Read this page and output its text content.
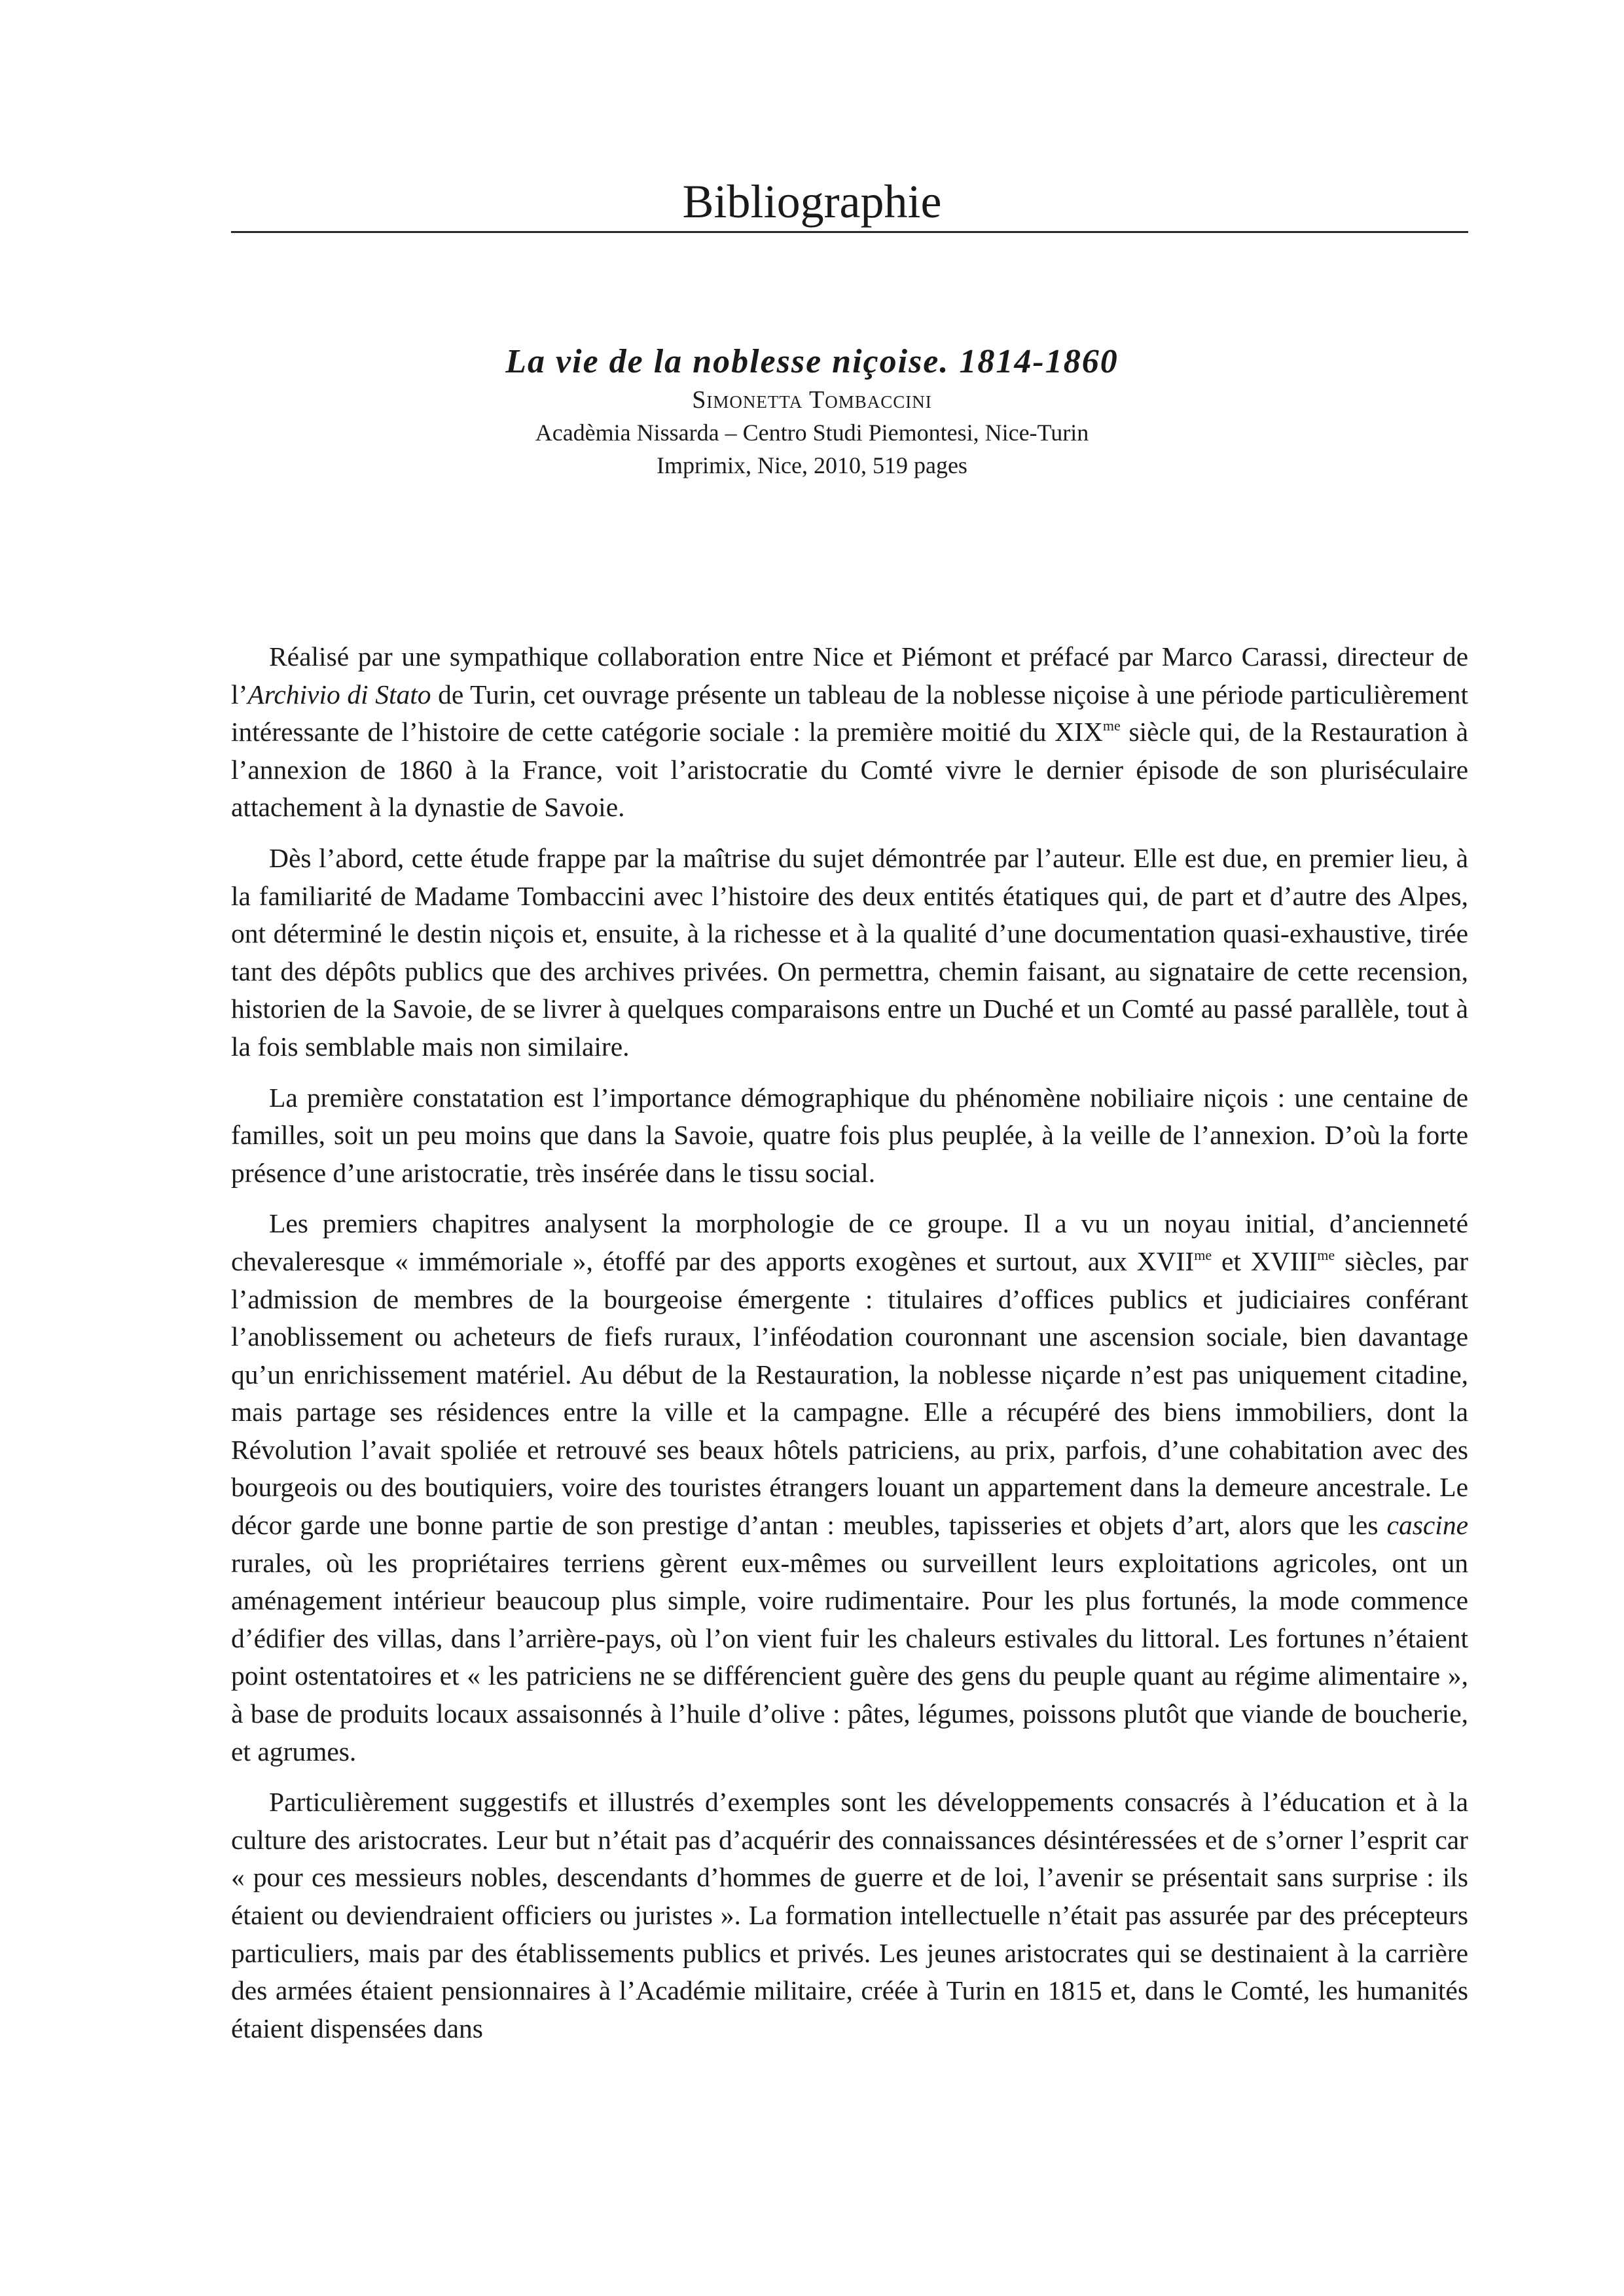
Bibliographie
La vie de la noblesse niçoise. 1814-1860
Simonetta Tombaccini
Acadèmia Nissarda – Centro Studi Piemontesi, Nice-Turin
Imprimix, Nice, 2010, 519 pages

Réalisé par une sympathique collaboration entre Nice et Piémont et préfacé par Marco Carassi, directeur de l’Archivio di Stato de Turin, cet ouvrage présente un tableau de la noblesse niçoise à une période particulièrement intéressante de l’histoire de cette catégorie sociale : la première moitié du $XIX^{me}$ siècle qui, de la Restauration à l’annexion de 1860 à la France, voit l’aristocratie du Comté vivre le dernier épisode de son pluriséculaire attachement à la dynastie de Savoie.

Dès l’abord, cette étude frappe par la maîtrise du sujet démontrée par l’auteur. Elle est due, en premier lieu, à la familiarité de Madame Tombaccini avec l’histoire des deux entités étatiques qui, de part et d’autre des Alpes, ont déterminé le destin niçois et, ensuite, à la richesse et à la qualité d’une documentation quasi-exhaustive, tirée tant des dépôts publics que des archives privées. On permettra, chemin faisant, au signataire de cette recension, historien de la Savoie, de se livrer à quelques comparaisons entre un Duché et un Comté au passé parallèle, tout à la fois semblable mais non similaire.

La première constatation est l’importance démographique du phénomène nobiliaire niçois : une centaine de familles, soit un peu moins que dans la Savoie, quatre fois plus peuplée, à la veille de l’annexion. D’où la forte présence d’une aristocratie, très insérée dans le tissu social.

Les premiers chapitres analysent la morphologie de ce groupe. Il a vu un noyau initial, d’ancienneté chevaleresque « immémoriale », étoffé par des apports exogènes et surtout, aux $XVII^{me}$ et $XVIII^{me}$ siècles, par l’admission de membres de la bourgeoise émergente : titulaires d’offices publics et judiciaires conférant l’anoblissement ou acheteurs de fiefs ruraux, l’inféodation couronnant une ascension sociale, bien davantage qu’un enrichissement matériel. Au début de la Restauration, la noblesse niçarde n’est pas uniquement citadine, mais partage ses résidences entre la ville et la campagne. Elle a récupéré des biens immobiliers, dont la Révolution l’avait spoliée et retrouvé ses beaux hôtels patriciens, au prix, parfois, d’une cohabitation avec des bourgeois ou des boutiquiers, voire des touristes étrangers louant un appartement dans la demeure ancestrale. Le décor garde une bonne partie de son prestige d’antan : meubles, tapisseries et objets d’art, alors que les cascine rurales, où les propriétaires terriens gèrent eux-mêmes ou surveillent leurs exploitations agricoles, ont un aménagement intérieur beaucoup plus simple, voire rudimentaire. Pour les plus fortunés, la mode commence d’édifier des villas, dans l’arrière-pays, où l’on vient fuir les chaleurs estivales du littoral. Les fortunes n’étaient point ostentatoires et « les patriciens ne se différencient guère des gens du peuple quant au régime alimentaire », à base de produits locaux assaisonnés à l’huile d’olive : pâtes, légumes, poissons plutôt que viande de boucherie, et agrumes.

Particulièrement suggestifs et illustrés d’exemples sont les développements consacrés à l’éducation et à la culture des aristocrates. Leur but n’était pas d’acquérir des connaissances désintéressées et de s’orner l’esprit car « pour ces messieurs nobles, descendants d’hommes de guerre et de loi, l’avenir se présentait sans surprise : ils étaient ou deviendraient officiers ou juristes ». La formation intellectuelle n’était pas assurée par des précepteurs particuliers, mais par des établissements publics et privés. Les jeunes aristocrates qui se destinaient à la carrière des armées étaient pensionnaires à l’Académie militaire, créée à Turin en 1815 et, dans le Comté, les humanités étaient dispensées dans
